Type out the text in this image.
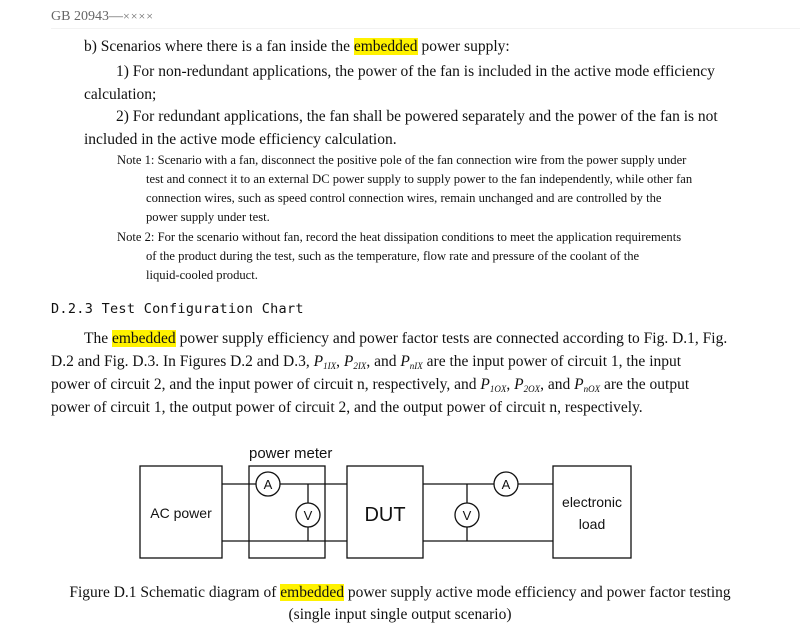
GB 20943—××××
b) Scenarios where there is a fan inside the embedded power supply:
1) For non-redundant applications, the power of the fan is included in the active mode efficiency
calculation;
2) For redundant applications, the fan shall be powered separately and the power of the fan is not
included in the active mode efficiency calculation.
Note 1: Scenario with a fan, disconnect the positive pole of the fan connection wire from the power supply under
test and connect it to an external DC power supply to supply power to the fan independently, while other fan
connection wires, such as speed control connection wires, remain unchanged and are controlled by the
power supply under test.
Note 2: For the scenario without fan, record the heat dissipation conditions to meet the application requirements
of the product during the test, such as the temperature, flow rate and pressure of the coolant of the
liquid-cooled product.
D.2.3 Test Configuration Chart
The embedded power supply efficiency and power factor tests are connected according to Fig. D.1, Fig.
D.2 and Fig. D.3. In Figures D.2 and D.3, $P_{1IX}$, $P_{2IX}$, and $P_{nIX}$ are the input power of circuit 1, the input
power of circuit 2, and the input power of circuit n, respectively, and $P_{1OX}$, $P_{2OX}$, and $P_{nOX}$ are the output
power of circuit 1, the output power of circuit 2, and the output power of circuit n, respectively.
power meter
AC power	DUT
electronic
load
A
V	V
A
Figure D.1 Schematic diagram of embedded power supply active mode efficiency and power factor testing
(single input single output scenario)
